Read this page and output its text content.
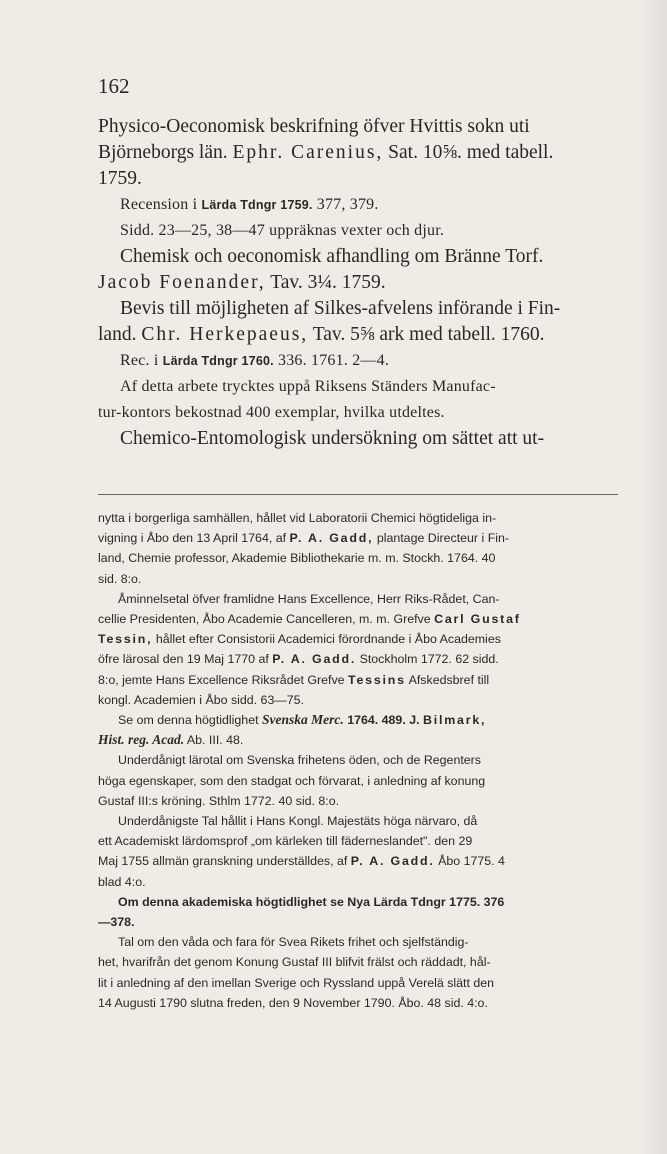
162

Physico-Oeconomisk beskrifning öfver Hvittis sokn uti

Björneborgs län. Ephr. Carenius, Sat. 10⅝. med tabell.

1759.

Recension i Lärda Tdngr 1759. 377, 379.

Sidd. 23—25, 38—47 uppräknas vexter och djur.

Chemisk och oeconomisk afhandling om Bränne Torf.

Jacob Foenander, Tav. 3¼. 1759.

Bevis till möjligheten af Silkes-afvelens införande i Fin-

land. Chr. Herkepaeus, Tav. 5⅝ ark med tabell. 1760.

Rec. i Lärda Tdngr 1760. 336. 1761. 2—4.

Af detta arbete trycktes uppå Riksens Ständers Manufac-

tur-kontors bekostnad 400 exemplar, hvilka utdeltes.

Chemico-Entomologisk undersökning om sättet att ut-

nytta i borgerliga samhällen, hållet vid Laboratorii Chemici högtideliga in-

vigning i Åbo den 13 April 1764, af P. A. Gadd, plantage Directeur i Fin-

land, Chemie professor, Akademie Bibliothekarie m. m. Stockh. 1764. 40

sid. 8:o.

Åminnelsetal öfver framlidne Hans Excellence, Herr Riks-Rådet, Can-

cellie Presidenten, Åbo Academie Cancelleren, m. m. Grefve Carl Gustaf

Tessin, hållet efter Consistorii Academici förordnande i Åbo Academies

öfre lärosal den 19 Maj 1770 af P. A. Gadd. Stockholm 1772. 62 sidd.

8:o, jemte Hans Excellence Riksrådet Grefve Tessins Afskedsbref till

kongl. Academien i Åbo sidd. 63—75.

Se om denna högtidlighet Svenska Merc. 1764. 489. J. Bilmark,

Hist. reg. Acad. Ab. III. 48.

Underdånigt lärotal om Svenska frihetens öden, och de Regenters

höga egenskaper, som den stadgat och förvarat, i anledning af konung

Gustaf III:s kröning. Sthlm 1772. 40 sid. 8:o.

Underdånigste Tal hållit i Hans Kongl. Majestäts höga närvaro, då

ett Academiskt lärdomsprof „om kärleken till fäderneslandet". den 29

Maj 1755 allmän granskning underställdes, af P. A. Gadd. Åbo 1775. 4

blad 4:o.

Om denna akademiska högtidlighet se Nya Lärda Tdngr 1775. 376

—378.

Tal om den våda och fara för Svea Rikets frihet och sjelfständig-

het, hvarifrån det genom Konung Gustaf III blifvit frälst och räddadt, hål-

lit i anledning af den imellan Sverige och Ryssland uppå Verelä slätt den

14 Augusti 1790 slutna freden, den 9 November 1790. Åbo. 48 sid. 4:o.
